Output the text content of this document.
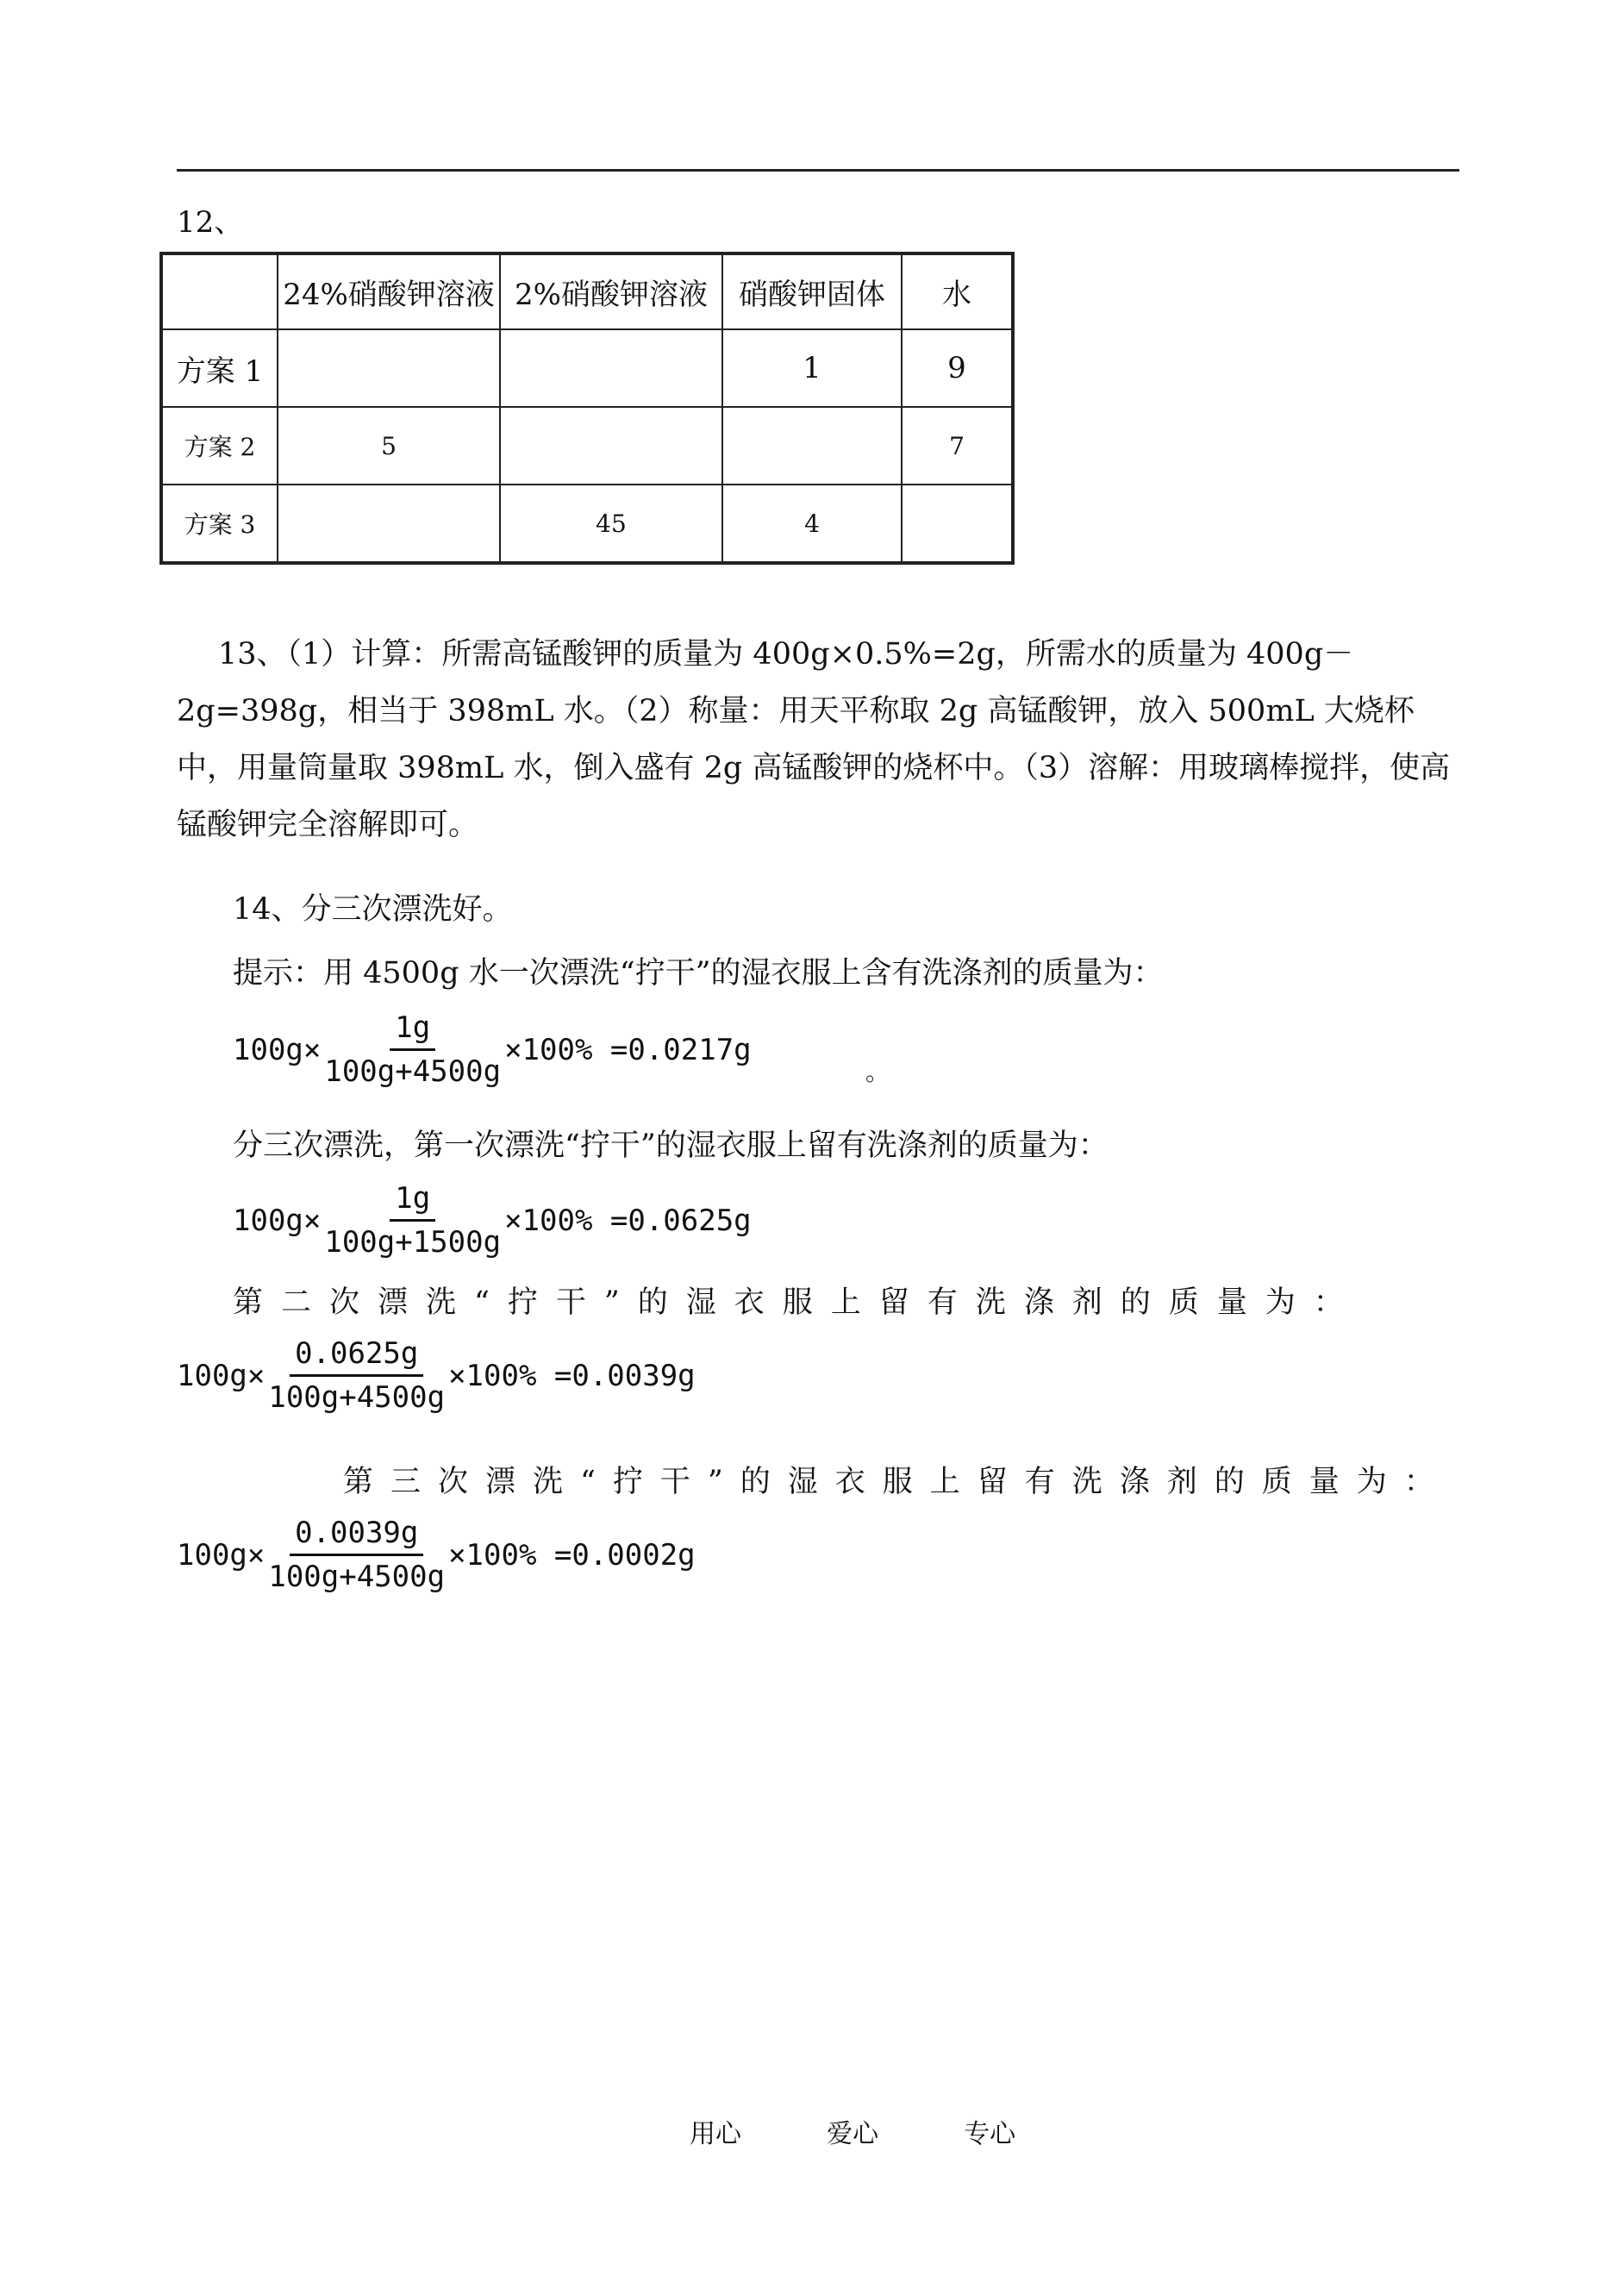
12、
	24%硝酸钾溶液	2%硝酸钾溶液	硝酸钾固体	水
方案 1			1	9
方案 2	5			7
方案 3		45	4	
13、（1）计算：所需高锰酸钾的质量为 400g×0.5%=2g，所需水的质量为 400g－2g=398g，相当于 398mL 水。（2）称量：用天平称取 2g 高锰酸钾，放入 500mL 大烧杯中，用量筒量取 398mL 水，倒入盛有 2g 高锰酸钾的烧杯中。（3）溶解：用玻璃棒搅拌，使高锰酸钾完全溶解即可。
14、分三次漂洗好。
提示：用 4500g 水一次漂洗“拧干”的湿衣服上含有洗涤剂的质量为：
$100g\times \frac{1g}{100g+4500g} \times 100\% =0.0217g$
。
分三次漂洗，第一次漂洗“拧干”的湿衣服上留有洗涤剂的质量为：
$100g\times \frac{1g}{100g+1500g} \times 100\% =0.0625g$
第二次漂洗“拧干”的湿衣服上留有洗涤剂的质量为：
$100g\times \frac{0.0625g}{100g+4500g} \times 100\% =0.0039g$
第三次漂洗“拧干”的湿衣服上留有洗涤剂的质量为：
$100g\times \frac{0.0039g}{100g+4500g} \times 100\% =0.0002g$
用心  爱心  专心
